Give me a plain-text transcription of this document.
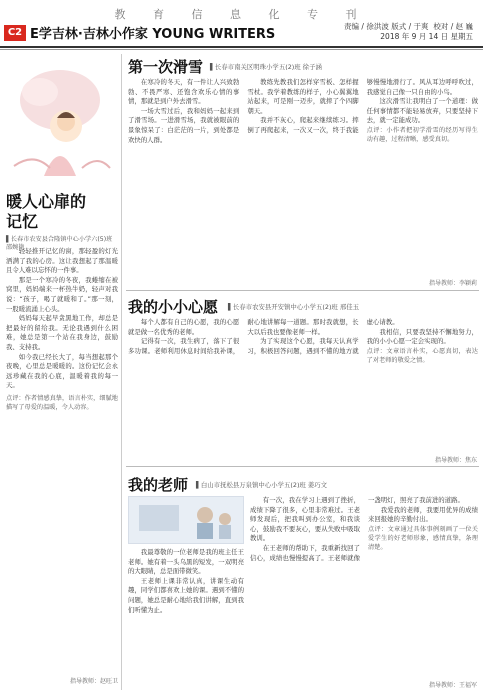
教 育 信 息 化 专 刊
C2 E学吉林·吉林小作家 YOUNG WRITERS
责编 / 徐洪波 版式 / 于爽 校对 / 赵 巍
2018 年 9 月 14 日 星期五
暖人心扉的
记忆
▌长春市农安县合隆镇中心小学六(5)班 邵婉艳

轻轻推开记忆的窗，那轻盈的灯光洒满了我的心房。这让我想起了那温暖且令人难以忘怀的一件事。

那是一个寒冷的冬夜，我蜷缩在被窝里，妈妈端来一杯热牛奶，轻声对我说：“孩子，喝了就暖和了。”那一刻，一股暖流涌上心头。

妈妈每天起早贪黑地工作，却总是把最好的留给我。无论我遇到什么困难，她总是第一个站在我身边，鼓励我、支持我。

如今我已经长大了，每当想起那个夜晚，心里总是暖暖的。这份记忆会永远珍藏在我的心底，温暖着我的每一天。

点评：作者情感真挚，语言朴实，细腻地描写了母爱的温暖，令人动容。

指导教师：赵旺卫
第一次滑雪 ▌长春市南关区明珠小学五(2)班 徐子涵

在寒冷的冬天，有一件让人兴致勃勃、不畏严寒、还饱含欢乐心情的事情，那就是到户外去滑雪。

一场大雪过后，我和妈妈一起来到了滑雪场。一进滑雪场，我就被眼前的景象惊呆了：白茫茫的一片，到处都是欢快的人群。

教练先教我们怎样穿雪板、怎样握雪杖。我学着教练的样子，小心翼翼地站起来，可是刚一迈步，就摔了个四脚朝天。

我并不灰心，爬起来继续练习。摔倒了再爬起来，一次又一次，终于我能够慢慢地滑行了。风从耳边呼呼吹过，我感觉自己像一只自由的小鸟。

这次滑雪让我明白了一个道理：做任何事情都不能轻易放弃，只要坚持下去，就一定能成功。

点评：小作者把初学滑雪的经历写得生动有趣，过程清晰，感受真切。

指导教师：李颖莉
我的小小心愿 ▌长春市农安县开安镇中心小学五(2)班 邢佳玉

每个人都有自己的心愿，我的心愿就是做一名优秀的老师。

记得有一次，我生病了，落下了很多功课。老师利用休息时间给我补课，耐心地讲解每一道题。那时我就想，长大以后我也要像老师一样。

为了实现这个心愿，我每天认真学习，积极回答问题，遇到不懂的地方就虚心请教。

我相信，只要我坚持不懈地努力，我的小小心愿一定会实现的。

点评：文章语言朴实，心愿真切，表达了对老师的敬爱之情。

指导教师：焦东
我的老师 ▌白山市抚松县万泉镇中心小学五(2)班 姜巧文

我最尊敬的一位老师是我的班主任王老师。她有着一头乌黑的短发，一双明亮的大眼睛，总是面带微笑。

王老师上课非常认真，讲课生动有趣，同学们都喜欢上她的课。遇到不懂的问题，她总是耐心地给我们讲解，直到我们听懂为止。

有一次，我在学习上遇到了挫折，成绩下降了很多，心里非常难过。王老师发现后，把我叫到办公室，和我谈心，鼓励我不要灰心，要从失败中吸取教训。

在王老师的帮助下，我重新找回了信心，成绩也慢慢提高了。王老师就像一盏明灯，照亮了我前进的道路。

我爱我的老师，我要用优异的成绩来回报她的辛勤付出。

点评：文章通过具体事例刻画了一位关爱学生的好老师形象，感情真挚，条理清楚。

指导教师：王福军
